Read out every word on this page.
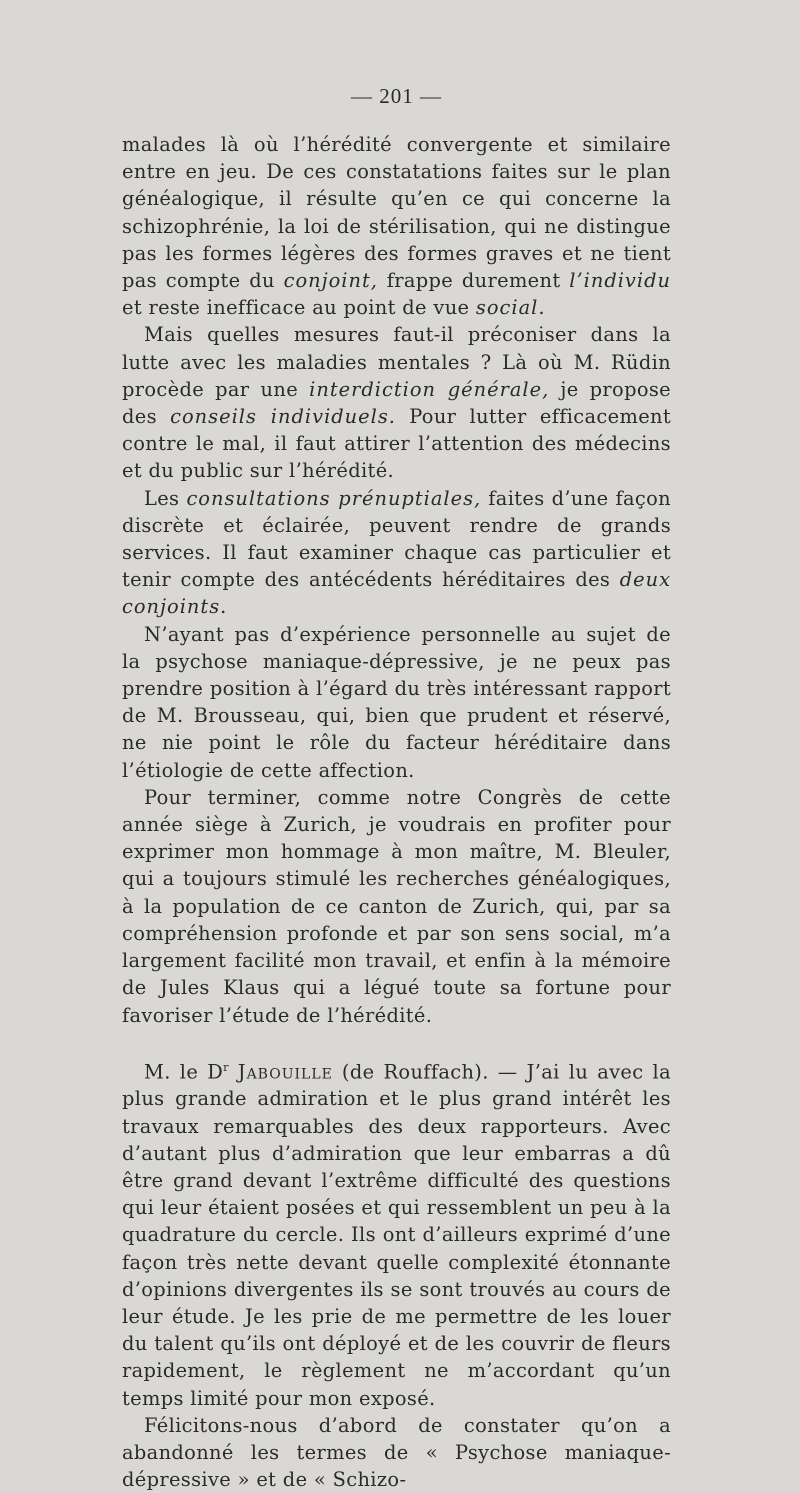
— 201 —

malades là où l’hérédité convergente et similaire entre en jeu. De ces constatations faites sur le plan généalogique, il résulte qu’en ce qui concerne la schizophrénie, la loi de stérilisation, qui ne distingue pas les formes légères des formes graves et ne tient pas compte du conjoint, frappe durement l’individu et reste inefficace au point de vue social.

Mais quelles mesures faut-il préconiser dans la lutte avec les maladies mentales ? Là où M. Rüdin procède par une interdiction générale, je propose des conseils individuels. Pour lutter efficacement contre le mal, il faut attirer l’attention des médecins et du public sur l’hérédité.

Les consultations prénuptiales, faites d’une façon discrète et éclairée, peuvent rendre de grands services. Il faut examiner chaque cas particulier et tenir compte des antécédents héréditaires des deux conjoints.

N’ayant pas d’expérience personnelle au sujet de la psychose maniaque-dépressive, je ne peux pas prendre position à l’égard du très intéressant rapport de M. Brousseau, qui, bien que prudent et réservé, ne nie point le rôle du facteur héréditaire dans l’étiologie de cette affection.

Pour terminer, comme notre Congrès de cette année siège à Zurich, je voudrais en profiter pour exprimer mon hommage à mon maître, M. Bleuler, qui a toujours stimulé les recherches généalogiques, à la population de ce canton de Zurich, qui, par sa compréhension profonde et par son sens social, m’a largement facilité mon travail, et enfin à la mémoire de Jules Klaus qui a légué toute sa fortune pour favoriser l’étude de l’hérédité.

M. le $D^r$ Jabouille (de Rouffach). — J’ai lu avec la plus grande admiration et le plus grand intérêt les travaux remarquables des deux rapporteurs. Avec d’autant plus d’admiration que leur embarras a dû être grand devant l’extrême difficulté des questions qui leur étaient posées et qui ressemblent un peu à la quadrature du cercle. Ils ont d’ailleurs exprimé d’une façon très nette devant quelle complexité étonnante d’opinions divergentes ils se sont trouvés au cours de leur étude. Je les prie de me permettre de les louer du talent qu’ils ont déployé et de les couvrir de fleurs rapidement, le règlement ne m’accordant qu’un temps limité pour mon exposé.

Félicitons-nous d’abord de constater qu’on a abandonné les termes de « Psychose maniaque-dépressive » et de « Schizo-
